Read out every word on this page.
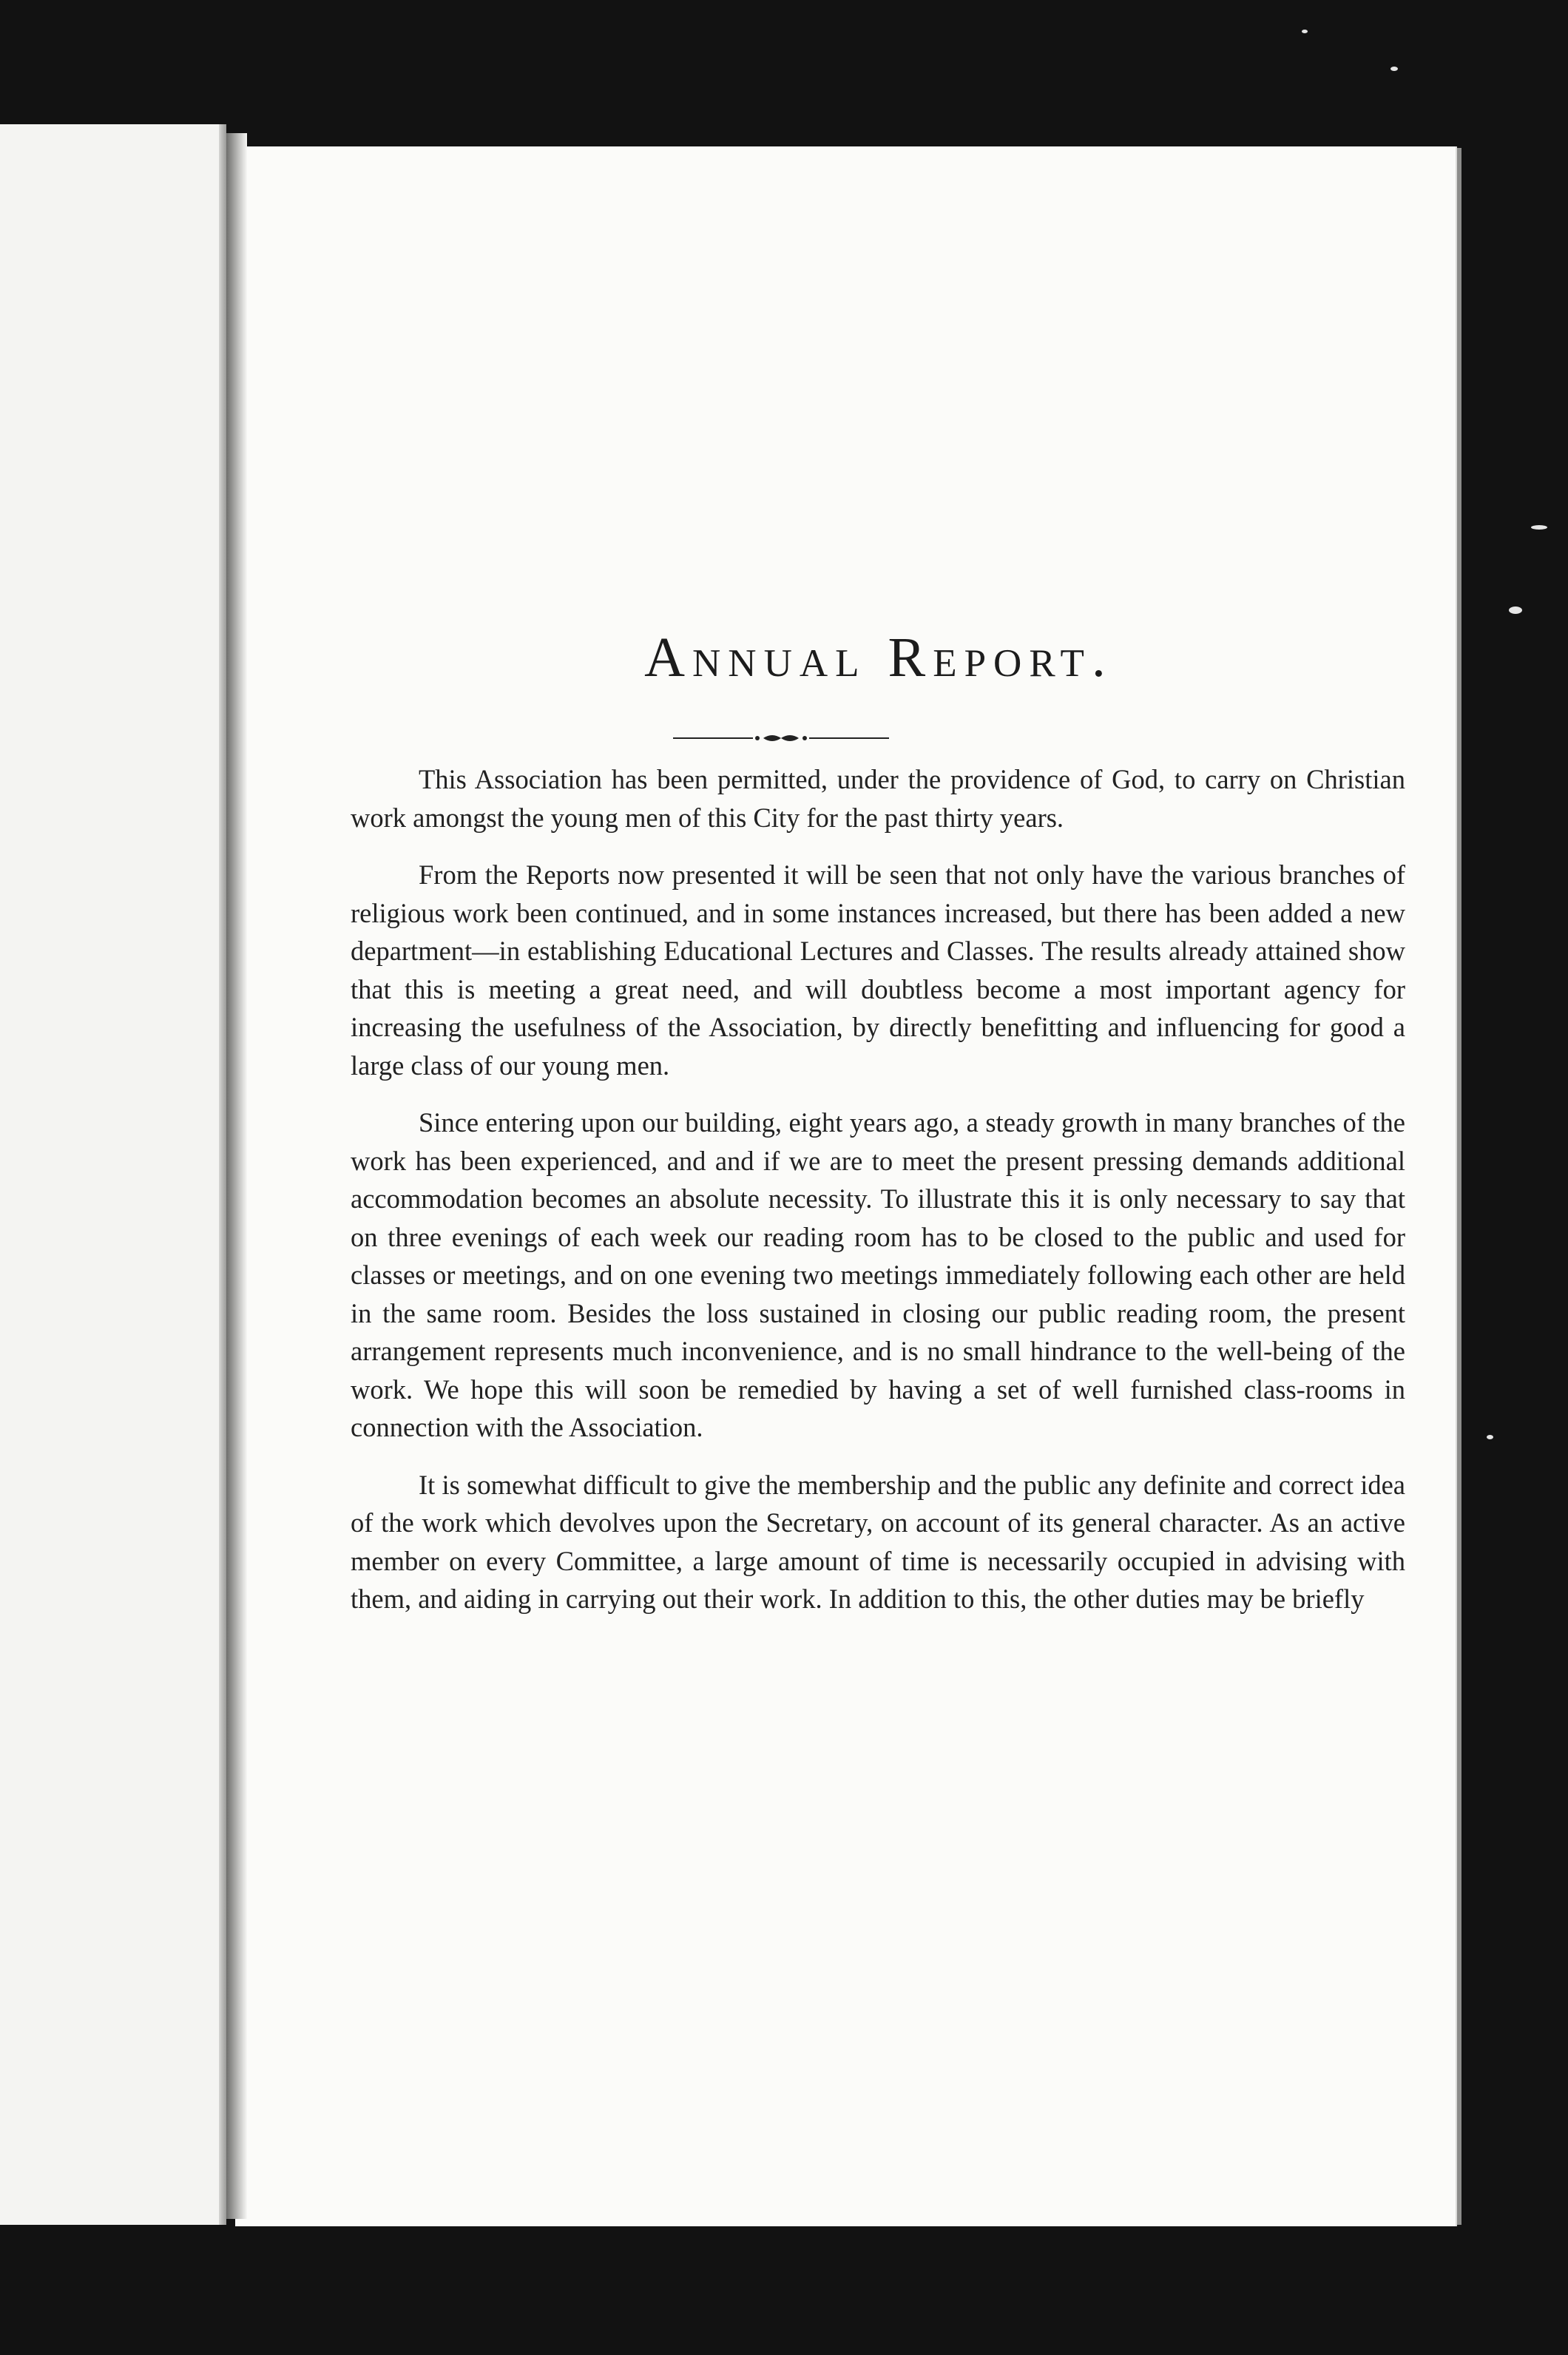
Annual Report.

This Association has been permitted, under the providence of God, to carry on Christian work amongst the young men of this City for the past thirty years.

From the Reports now presented it will be seen that not only have the various branches of religious work been continued, and in some instances increased, but there has been added a new department—in establishing Educational Lectures and Classes. The results already attained show that this is meeting a great need, and will doubtless become a most important agency for increasing the usefulness of the Association, by directly benefitting and influencing for good a large class of our young men.

Since entering upon our building, eight years ago, a steady growth in many branches of the work has been experienced, and and if we are to meet the present pressing demands additional accommodation becomes an absolute necessity. To illustrate this it is only necessary to say that on three evenings of each week our reading room has to be closed to the public and used for classes or meetings, and on one evening two meetings immediately following each other are held in the same room. Besides the loss sustained in closing our public reading room, the present arrangement represents much inconvenience, and is no small hindrance to the well-being of the work. We hope this will soon be remedied by having a set of well furnished class-rooms in connection with the Association.

It is somewhat difficult to give the membership and the public any definite and correct idea of the work which devolves upon the Secretary, on account of its general character. As an active member on every Committee, a large amount of time is necessarily occupied in advising with them, and aiding in carrying out their work. In addition to this, the other duties may be briefly
